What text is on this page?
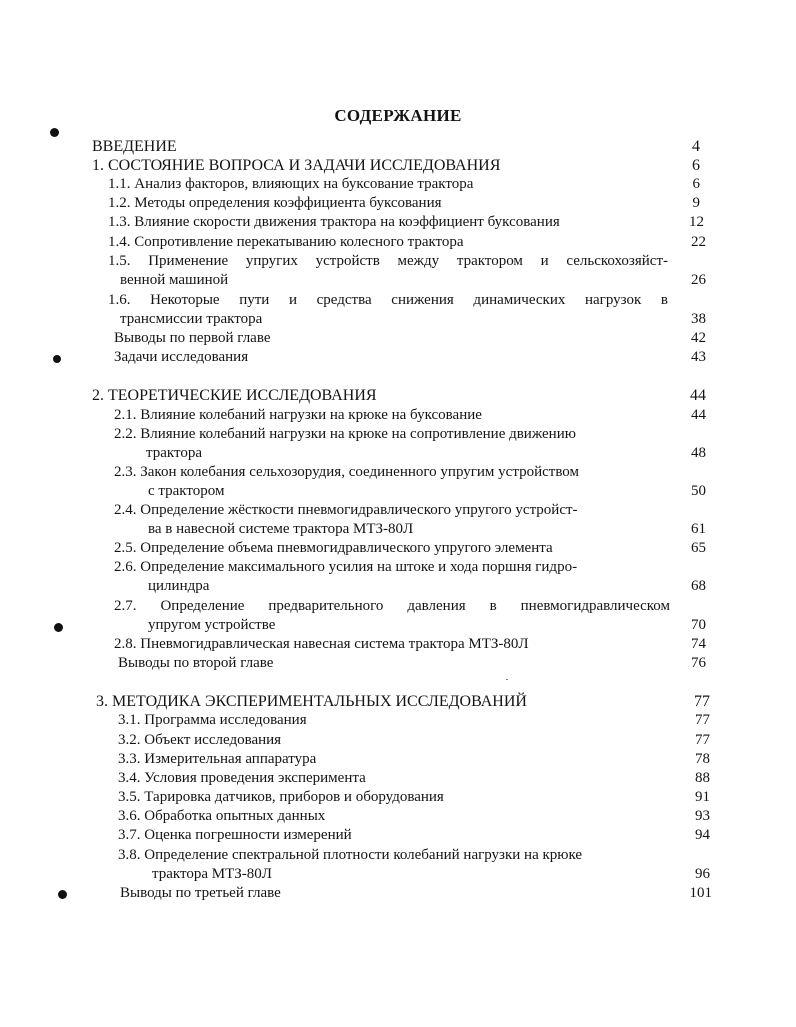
СОДЕРЖАНИЕ
ВВЕДЕНИЕ	4
1. СОСТОЯНИЕ ВОПРОСА И ЗАДАЧИ ИССЛЕДОВАНИЯ	6
1.1. Анализ факторов, влияющих на буксование трактора	6
1.2. Методы определения коэффициента буксования	9
1.3. Влияние скорости движения трактора на коэффициент буксования	12
1.4. Сопротивление перекатыванию колесного трактора	22
1.5. Применение упругих устройств между трактором и сельскохозяйст-
венной машиной	26
1.6. Некоторые пути и средства снижения динамических нагрузок в
трансмиссии трактора	38
Выводы по первой главе	42
Задачи исследования	43
2. ТЕОРЕТИЧЕСКИЕ ИССЛЕДОВАНИЯ	44
2.1. Влияние колебаний нагрузки на крюке на буксование	44
2.2. Влияние колебаний нагрузки на крюке на сопротивление движению
трактора	48
2.3. Закон колебания сельхозорудия, соединенного упругим устройством
с трактором	50
2.4. Определение жёсткости пневмогидравлического упругого устройст-
ва в навесной системе трактора МТЗ-80Л	61
2.5. Определение объема пневмогидравлического упругого элемента	65
2.6. Определение максимального усилия на штоке и хода поршня гидро-
цилиндра	68
2.7. Определение предварительного давления в пневмогидравлическом
упругом устройстве	70
2.8. Пневмогидравлическая навесная система трактора МТЗ-80Л	74
Выводы по второй главе	76
3. МЕТОДИКА ЭКСПЕРИМЕНТАЛЬНЫХ ИССЛЕДОВАНИЙ	77
3.1. Программа исследования	77
3.2. Объект исследования	77
3.3. Измерительная аппаратура	78
3.4. Условия проведения эксперимента	88
3.5. Тарировка датчиков, приборов и оборудования	91
3.6. Обработка опытных данных	93
3.7. Оценка погрешности измерений	94
3.8. Определение спектральной плотности колебаний нагрузки на крюке
трактора МТЗ-80Л	96
Выводы по третьей главе	101
